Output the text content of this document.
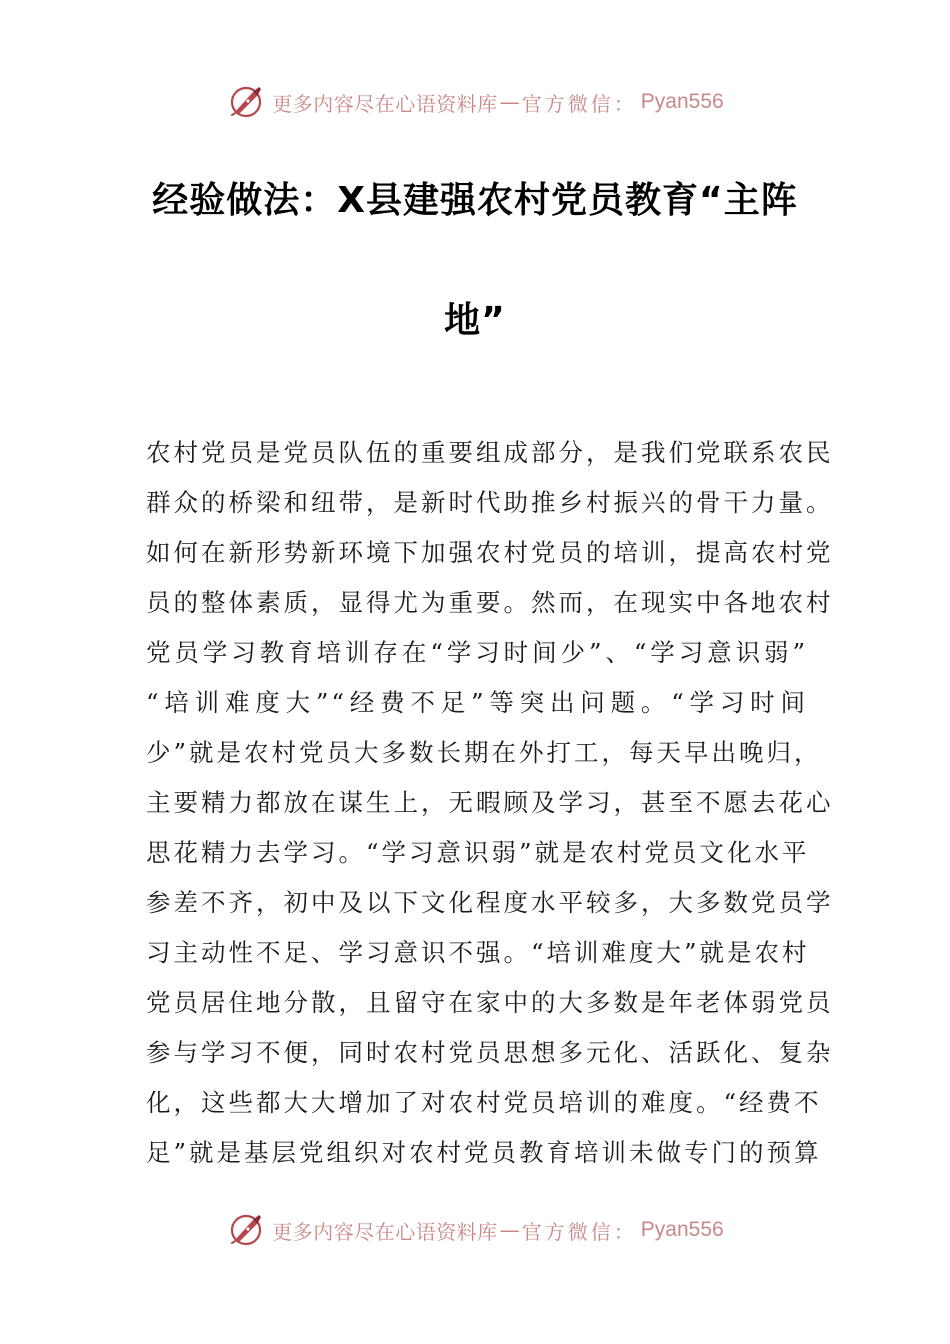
更多内容尽在心语资料库 — 官方微信： Pyan556
经验做法：X县建强农村党员教育“主阵
地”
农村党员是党员队伍的重要组成部分，是我们党联系农民
群众的桥梁和纽带，是新时代助推乡村振兴的骨干力量。
如何在新形势新环境下加强农村党员的培训，提高农村党
员的整体素质，显得尤为重要。然而，在现实中各地农村
党员学习教育培训存在“学习时间少”、“学习意识弱”
“培训难度大”“经费不足”等突出问题。“学习时间
少”就是农村党员大多数长期在外打工，每天早出晚归，
主要精力都放在谋生上，无暇顾及学习，甚至不愿去花心
思花精力去学习。“学习意识弱”就是农村党员文化水平
参差不齐，初中及以下文化程度水平较多，大多数党员学
习主动性不足、学习意识不强。“培训难度大”就是农村
党员居住地分散，且留守在家中的大多数是年老体弱党员
参与学习不便，同时农村党员思想多元化、活跃化、复杂
化，这些都大大增加了对农村党员培训的难度。“经费不
足”就是基层党组织对农村党员教育培训未做专门的预算
更多内容尽在心语资料库 — 官方微信： Pyan556
